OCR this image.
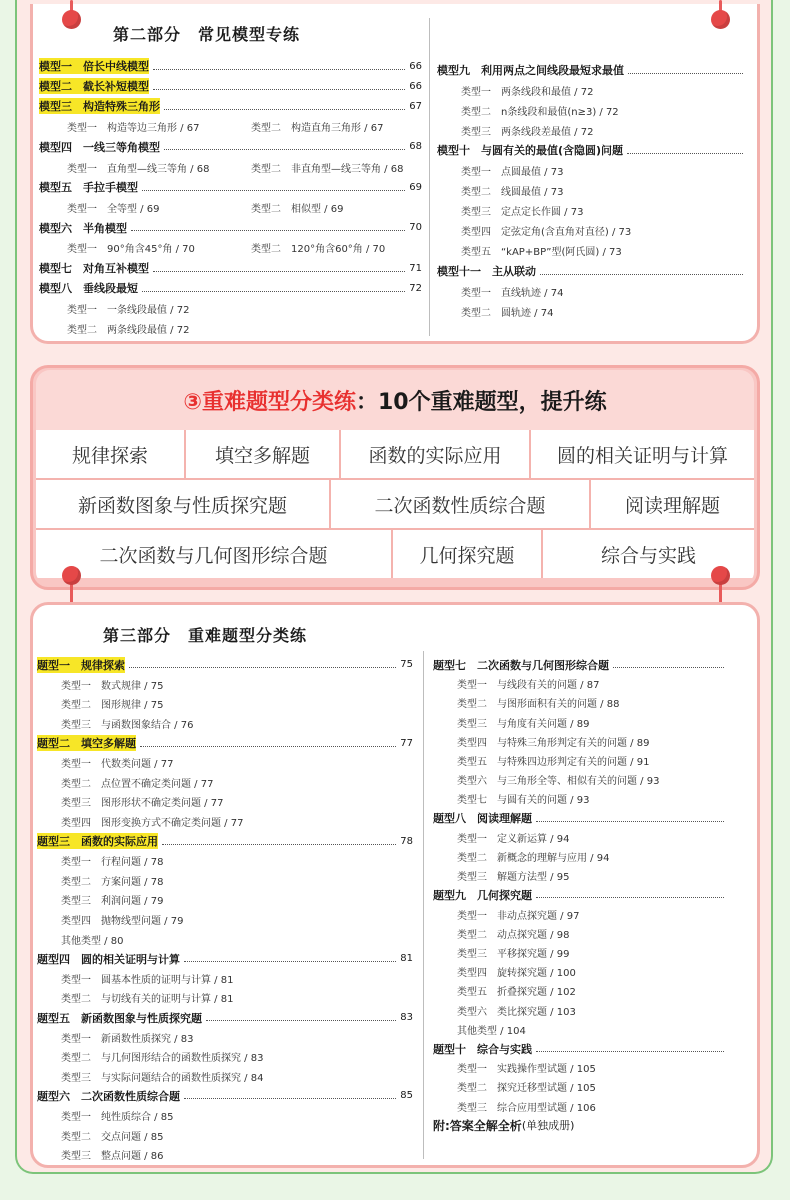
第二部分　常见模型专练
模型一　倍长中线模型	66
模型二　截长补短模型	66
模型三　构造特殊三角形	67
类型一　构造等边三角形 / 67	类型二　构造直角三角形 / 67
模型四　一线三等角模型	68
类型一　直角型—线三等角 / 68	类型二　非直角型—线三等角 / 68
模型五　手拉手模型	69
类型一　全等型 / 69	类型二　相似型 / 69
模型六　半角模型	70
类型一　90°角含45°角 / 70	类型二　120°角含60°角 / 70
模型七　对角互补模型	71
模型八　垂线段最短	72
类型一　一条线段最值 / 72
类型二　两条线段最值 / 72
模型九　利用两点之间线段最短求最值
类型一　两条线段和最值 / 72
类型二　n条线段和最值(n≥3) / 72
类型三　两条线段差最值 / 72
模型十　与圆有关的最值(含隐圆)问题
类型一　点圆最值 / 73
类型二　线圆最值 / 73
类型三　定点定长作圆 / 73
类型四　定弦定角(含直角对直径) / 73
类型五　“kAP+BP”型(阿氏圆) / 73
模型十一　主从联动
类型一　直线轨迹 / 74
类型二　圆轨迹 / 74
③重难题型分类练：10个重难题型，提升练
规律探索	填空多解题	函数的实际应用	圆的相关证明与计算
新函数图象与性质探究题	二次函数性质综合题	阅读理解题
二次函数与几何图形综合题	几何探究题	综合与实践
第三部分　重难题型分类练
题型一　规律探索	75
类型一　数式规律 / 75
类型二　图形规律 / 75
类型三　与函数图象结合 / 76
题型二　填空多解题	77
类型一　代数类问题 / 77
类型二　点位置不确定类问题 / 77
类型三　图形形状不确定类问题 / 77
类型四　图形变换方式不确定类问题 / 77
题型三　函数的实际应用	78
类型一　行程问题 / 78
类型二　方案问题 / 78
类型三　利润问题 / 79
类型四　抛物线型问题 / 79
其他类型 / 80
题型四　圆的相关证明与计算	81
类型一　圆基本性质的证明与计算 / 81
类型二　与切线有关的证明与计算 / 81
题型五　新函数图象与性质探究题	83
类型一　新函数性质探究 / 83
类型二　与几何图形结合的函数性质探究 / 83
类型三　与实际问题结合的函数性质探究 / 84
题型六　二次函数性质综合题	85
类型一　纯性质综合 / 85
类型二　交点问题 / 85
类型三　整点问题 / 86
题型七　二次函数与几何图形综合题
类型一　与线段有关的问题 / 87
类型二　与图形面积有关的问题 / 88
类型三　与角度有关问题 / 89
类型四　与特殊三角形判定有关的问题 / 89
类型五　与特殊四边形判定有关的问题 / 91
类型六　与三角形全等、相似有关的问题 / 93
类型七　与圆有关的问题 / 93
题型八　阅读理解题
类型一　定义新运算 / 94
类型二　新概念的理解与应用 / 94
类型三　解题方法型 / 95
题型九　几何探究题
类型一　非动点探究题 / 97
类型二　动点探究题 / 98
类型三　平移探究题 / 99
类型四　旋转探究题 / 100
类型五　折叠探究题 / 102
类型六　类比探究题 / 103
其他类型 / 104
题型十　综合与实践
类型一　实践操作型试题 / 105
类型二　探究迁移型试题 / 105
类型三　综合应用型试题 / 106
附:答案全解全析 (单独成册)
